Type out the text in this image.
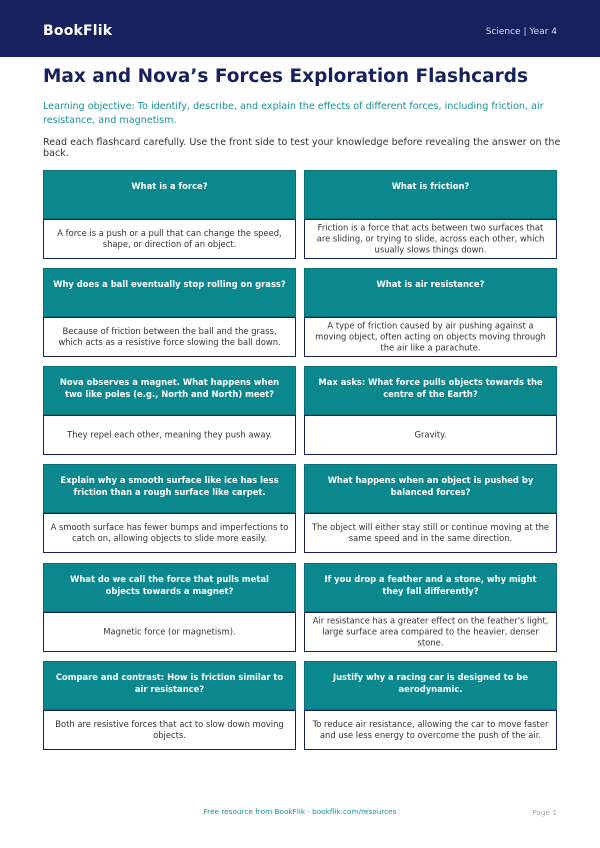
BookFlik	Science | Year 4
Max and Nova’s Forces Exploration Flashcards
Learning objective: To identify, describe, and explain the effects of different forces, including friction, air resistance, and magnetism.
Read each flashcard carefully. Use the front side to test your knowledge before revealing the answer on the back.
What is a force?
A force is a push or a pull that can change the speed, shape, or direction of an object.
What is friction?
Friction is a force that acts between two surfaces that are sliding, or trying to slide, across each other, which usually slows things down.
Why does a ball eventually stop rolling on grass?
Because of friction between the ball and the grass, which acts as a resistive force slowing the ball down.
What is air resistance?
A type of friction caused by air pushing against a moving object, often acting on objects moving through the air like a parachute.
Nova observes a magnet. What happens when two like poles (e.g., North and North) meet?
They repel each other, meaning they push away.
Max asks: What force pulls objects towards the centre of the Earth?
Gravity.
Explain why a smooth surface like ice has less friction than a rough surface like carpet.
A smooth surface has fewer bumps and imperfections to catch on, allowing objects to slide more easily.
What happens when an object is pushed by balanced forces?
The object will either stay still or continue moving at the same speed and in the same direction.
What do we call the force that pulls metal objects towards a magnet?
Magnetic force (or magnetism).
If you drop a feather and a stone, why might they fall differently?
Air resistance has a greater effect on the feather's light, large surface area compared to the heavier, denser stone.
Compare and contrast: How is friction similar to air resistance?
Both are resistive forces that act to slow down moving objects.
Justify why a racing car is designed to be aerodynamic.
To reduce air resistance, allowing the car to move faster and use less energy to overcome the push of the air.
Free resource from BookFlik · bookflik.com/resources	Page 1
